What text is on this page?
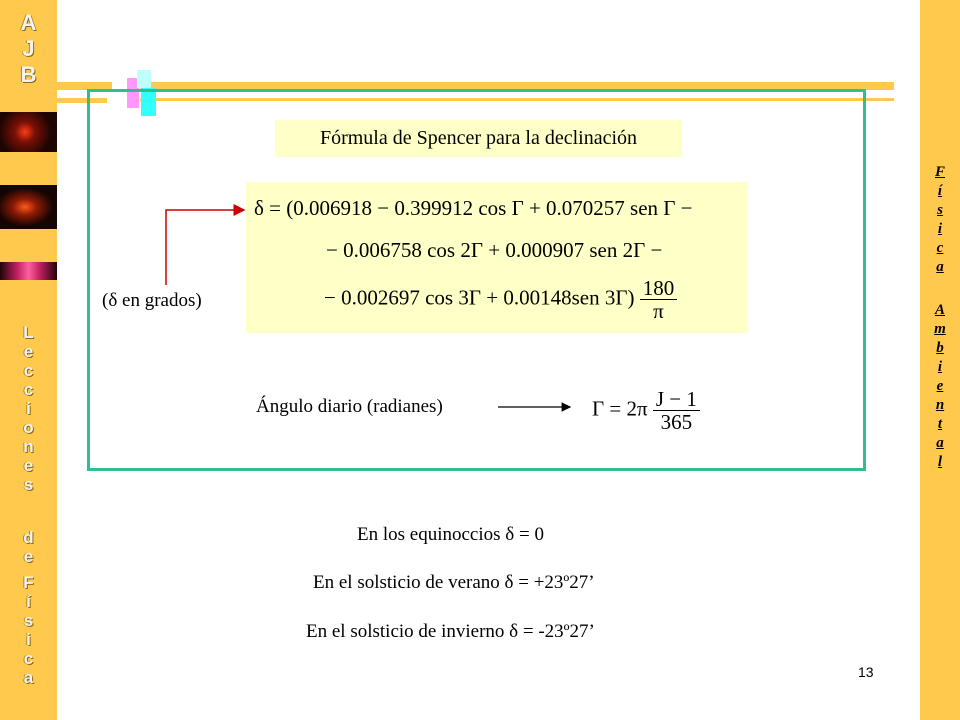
A
J
B
L
e
c
c
i
o
n
e
s
d
e
F
í
s
i
c
a
F
í
s
i
c
a
A
m
b
i
e
n
t
a
l
Fórmula de Spencer para la declinación
δ = (0.006918 − 0.399912 cos Γ + 0.070257 sen Γ −
− 0.006758 cos 2Γ + 0.000907 sen 2Γ −
− 0.002697 cos 3Γ + 0.00148sen $3\Gamma) \frac{180}{\pi}$
(δ en grados)
Ángulo diario (radianes)	$\Gamma = 2\pi \frac{J - 1}{365}$
En los equinoccios δ = 0
En el solsticio de verano δ = +23º27’
En el solsticio de invierno δ = -23º27’
13
